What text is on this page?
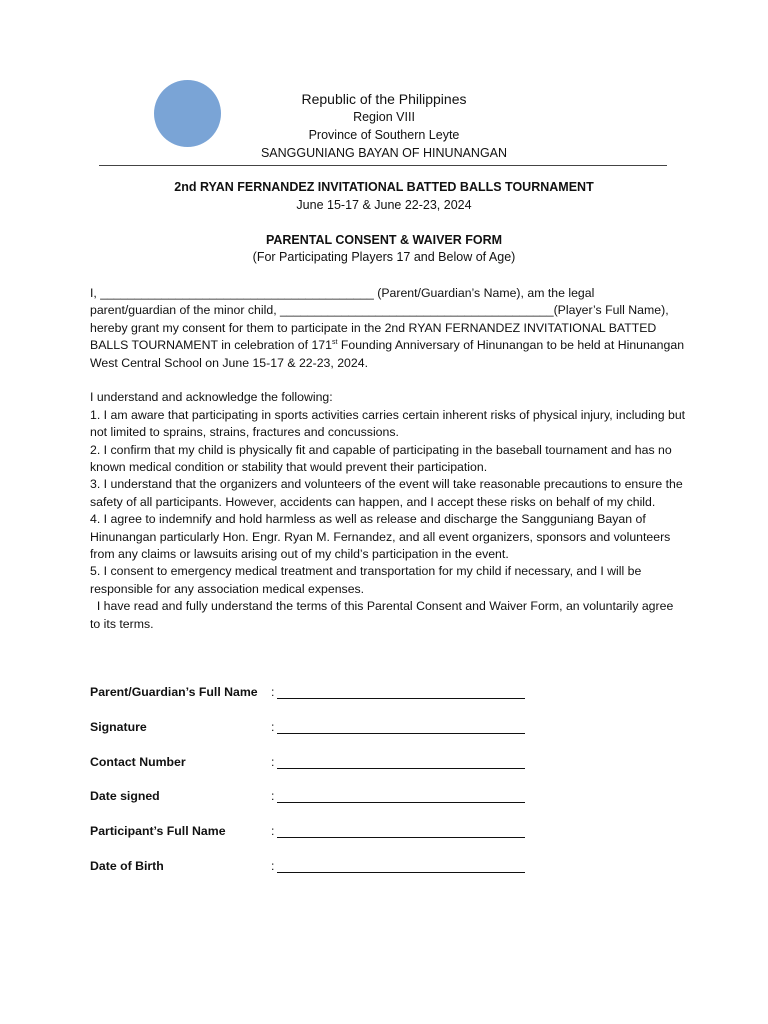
Republic of the Philippines
Region VIII
Province of Southern Leyte
SANGGUNIANG BAYAN OF HINUNANGAN
2nd RYAN FERNANDEZ INVITATIONAL BATTED BALLS TOURNAMENT
June 15-17 & June 22-23, 2024
PARENTAL CONSENT & WAIVER FORM
(For Participating Players 17 and Below of Age)

I, ________________________________________ (Parent/Guardian’s Name), am the legal

parent/guardian of the minor child, ________________________________________(Player’s Full Name), hereby grant my consent for them to participate in the 2nd RYAN FERNANDEZ INVITATIONAL BATTED BALLS TOURNAMENT in celebration of 171st Founding Anniversary of Hinunangan to be held at Hinunangan West Central School on June 15-17 & 22-23, 2024.

I understand and acknowledge the following:

1. I am aware that participating in sports activities carries certain inherent risks of physical injury, including but not limited to sprains, strains, fractures and concussions.

2. I confirm that my child is physically fit and capable of participating in the baseball tournament and has no known medical condition or stability that would prevent their participation.

3. I understand that the organizers and volunteers of the event will take reasonable precautions to ensure the safety of all participants. However, accidents can happen, and I accept these risks on behalf of my child.

4. I agree to indemnify and hold harmless as well as release and discharge the Sangguniang Bayan of Hinunangan particularly Hon. Engr. Ryan M. Fernandez, and all event organizers, sponsors and volunteers from any claims or lawsuits arising out of my child’s participation in the event.

5. I consent to emergency medical treatment and transportation for my child if necessary, and I will be responsible for any association medical expenses.

I have read and fully understand the terms of this Parental Consent and Waiver Form, an voluntarily agree to its terms.

Parent/Guardian’s Full Name :
Signature	:
Contact Number	:
Date signed	:
Participant’s Full Name	:
Date of Birth	:
